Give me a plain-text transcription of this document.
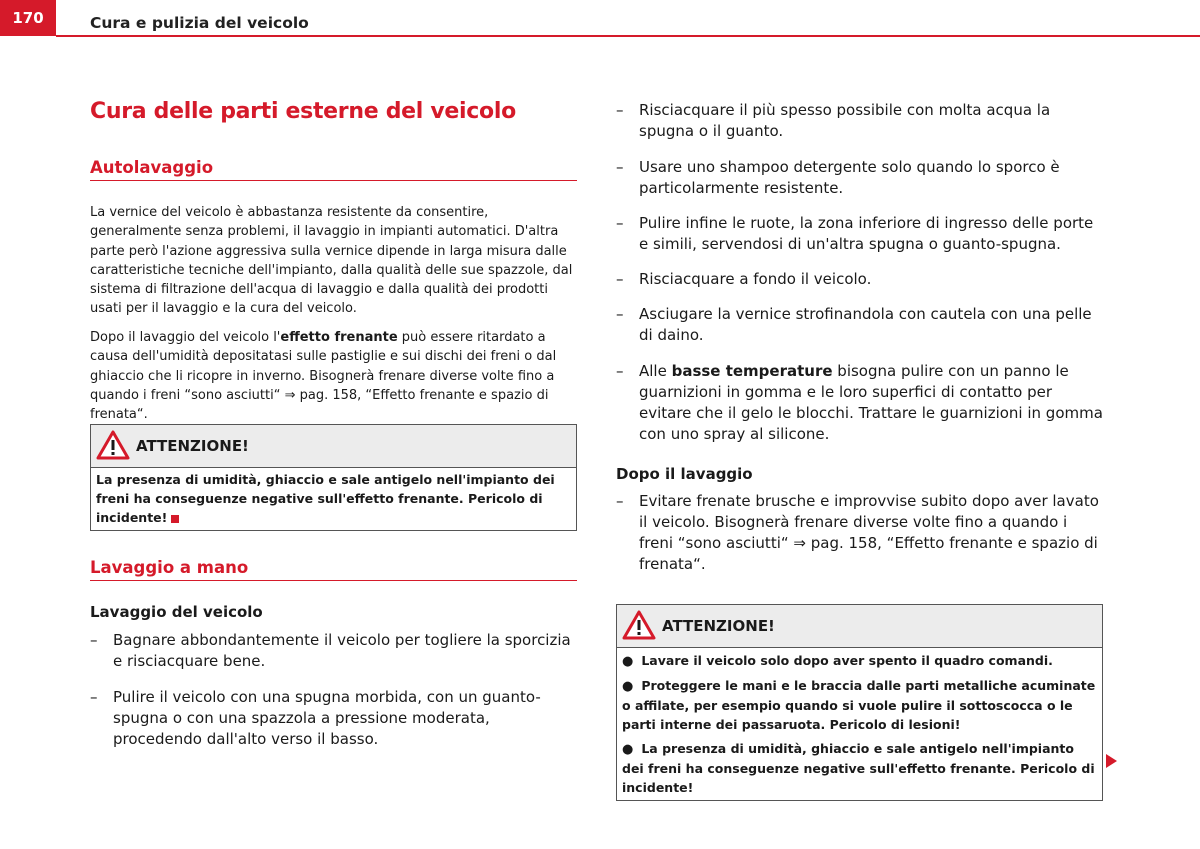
170	Cura e pulizia del veicolo
Cura delle parti esterne del veicolo
Autolavaggio

La vernice del veicolo è abbastanza resistente da consentire, generalmente senza problemi, il lavaggio in impianti automatici. D'altra parte però l'azione aggressiva sulla vernice dipende in larga misura dalle caratteristiche tecniche dell'impianto, dalla qualità delle sue spazzole, dal sistema di filtrazione dell'acqua di lavaggio e dalla qualità dei prodotti usati per il lavaggio e la cura del veicolo.

Dopo il lavaggio del veicolo l'effetto frenante può essere ritardato a causa dell'umidità depositatasi sulle pastiglie e sui dischi dei freni o dal ghiaccio che li ricopre in inverno. Bisognerà frenare diverse volte fino a quando i freni “sono asciutti“ ⇒ pag. 158, “Effetto frenante e spazio di frenata“.

ATTENZIONE!
La presenza di umidità, ghiaccio e sale antigelo nell'impianto dei freni ha conseguenze negative sull'effetto frenante. Pericolo di incidente!
Lavaggio a mano
Lavaggio del veicolo
– Bagnare abbondantemente il veicolo per togliere la sporcizia e risciacquare bene.
– Pulire il veicolo con una spugna morbida, con un guanto-spugna o con una spazzola a pressione moderata, procedendo dall'alto verso il basso.
– Risciacquare il più spesso possibile con molta acqua la spugna o il guanto.
– Usare uno shampoo detergente solo quando lo sporco è particolarmente resistente.
– Pulire infine le ruote, la zona inferiore di ingresso delle porte e simili, servendosi di un'altra spugna o guanto-spugna.
– Risciacquare a fondo il veicolo.
– Asciugare la vernice strofinandola con cautela con una pelle di daino.
– Alle basse temperature bisogna pulire con un panno le guarnizioni in gomma e le loro superfici di contatto per evitare che il gelo le blocchi. Trattare le guarnizioni in gomma con uno spray al silicone.
Dopo il lavaggio
– Evitare frenate brusche e improvvise subito dopo aver lavato il veicolo. Bisognerà frenare diverse volte fino a quando i freni “sono asciutti“ ⇒ pag. 158, “Effetto frenante e spazio di frenata“.
ATTENZIONE!
● Lavare il veicolo solo dopo aver spento il quadro comandi.
● Proteggere le mani e le braccia dalle parti metalliche acuminate o affilate, per esempio quando si vuole pulire il sottoscocca o le parti interne dei passaruota. Pericolo di lesioni!
● La presenza di umidità, ghiaccio e sale antigelo nell'impianto dei freni ha conseguenze negative sull'effetto frenante. Pericolo di incidente!
